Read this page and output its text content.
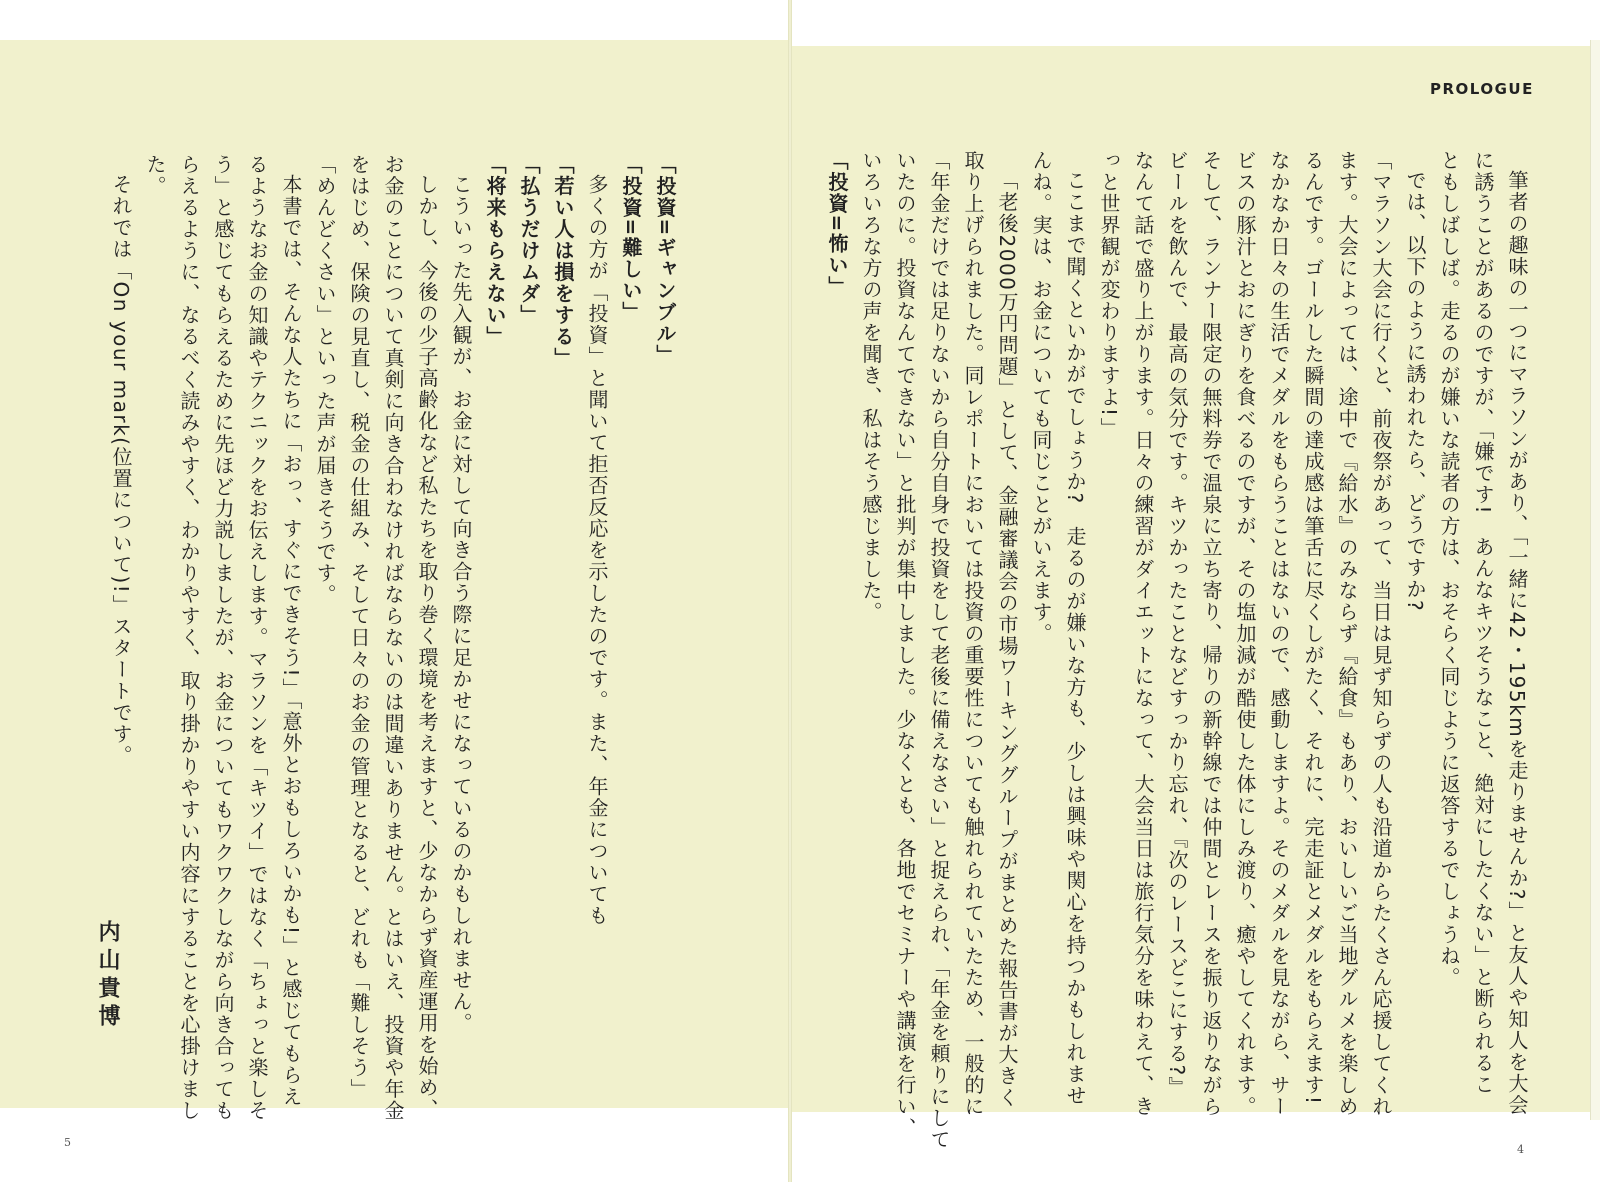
PROLOGUE

筆者の趣味の一つにマラソンがあり、「一緒に42・195kmを走りませんか?」と友人や知人を大会

に誘うことがあるのですが、「嫌です!　あんなキツそうなこと、絶対にしたくない」と断られるこ

ともしばしば。走るのが嫌いな読者の方は、おそらく同じように返答するでしょうね。

では、以下のように誘われたら、どうですか?

「マラソン大会に行くと、前夜祭があって、当日は見ず知らずの人も沿道からたくさん応援してくれ

ます。大会によっては、途中で『給水』のみならず『給食』もあり、おいしいご当地グルメを楽しめ

るんです。ゴールした瞬間の達成感は筆舌に尽くしがたく、それに、完走証とメダルをもらえます!

なかなか日々の生活でメダルをもらうことはないので、感動しますよ。そのメダルを見ながら、サー

ビスの豚汁とおにぎりを食べるのですが、その塩加減が酷使した体にしみ渡り、癒やしてくれます。

そして、ランナー限定の無料券で温泉に立ち寄り、帰りの新幹線では仲間とレースを振り返りながら

ビールを飲んで、最高の気分です。キツかったことなどすっかり忘れ、『次のレースどこにする?』

なんて話で盛り上がります。日々の練習がダイエットになって、大会当日は旅行気分を味わえて、き

っと世界観が変わりますよ!」

ここまで聞くといかがでしょうか?　走るのが嫌いな方も、少しは興味や関心を持つかもしれませ

んね。実は、お金についても同じことがいえます。

「老後2000万円問題」として、金融審議会の市場ワーキンググループがまとめた報告書が大きく

取り上げられました。同レポートにおいては投資の重要性についても触れられていたため、一般的に

「年金だけでは足りないから自分自身で投資をして老後に備えなさい」と捉えられ、「年金を頼りにして

いたのに。投資なんてできない」と批判が集中しました。少なくとも、各地でセミナーや講演を行い、

いろいろな方の声を聞き、私はそう感じました。

「投資=怖い」

「投資=ギャンブル」

「投資=難しい」

多くの方が「投資」と聞いて拒否反応を示したのです。また、年金についても

「若い人は損をする」

「払うだけムダ」

「将来もらえない」

こういった先入観が、お金に対して向き合う際に足かせになっているのかもしれません。

しかし、今後の少子高齢化など私たちを取り巻く環境を考えますと、少なからず資産運用を始め、

お金のことについて真剣に向き合わなければならないのは間違いありません。とはいえ、投資や年金

をはじめ、保険の見直し、税金の仕組み、そして日々のお金の管理となると、どれも「難しそう」

「めんどくさい」といった声が届きそうです。

本書では、そんな人たちに「おっ、すぐにできそう!」「意外とおもしろいかも!」と感じてもらえ

るようなお金の知識やテクニックをお伝えします。マラソンを「キツイ」ではなく「ちょっと楽しそ

う」と感じてもらえるために先ほど力説しましたが、お金についてもワクワクしながら向き合っても

らえるように、なるべく読みやすく、わかりやすく、取り掛かりやすい内容にすることを心掛けまし

た。

それでは「On your mark(位置について)!」スタートです。

内山貴博
5
4
